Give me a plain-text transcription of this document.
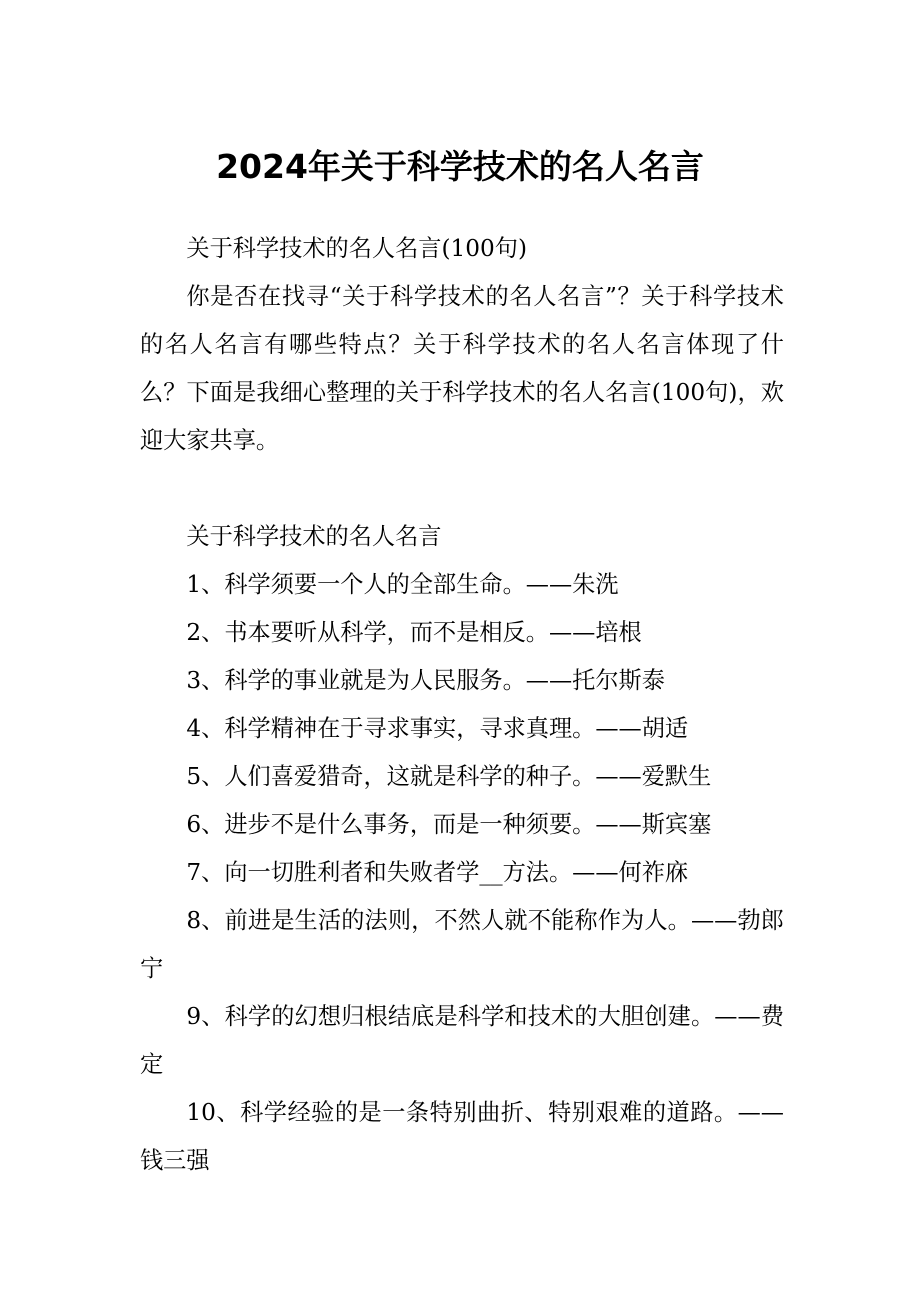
2024年关于科学技术的名人名言

关于科学技术的名人名言(100句)

你是否在找寻“关于科学技术的名人名言”？关于科学技术的名人名言有哪些特点？关于科学技术的名人名言体现了什么？下面是我细心整理的关于科学技术的名人名言(100句)，欢迎大家共享。

关于科学技术的名人名言

1、科学须要一个人的全部生命。——朱洗

2、书本要听从科学，而不是相反。——培根

3、科学的事业就是为人民服务。——托尔斯泰

4、科学精神在于寻求事实，寻求真理。——胡适

5、人们喜爱猎奇，这就是科学的种子。——爱默生

6、进步不是什么事务，而是一种须要。——斯宾塞

7、向一切胜利者和失败者学__方法。——何祚庥

8、前进是生活的法则，不然人就不能称作为人。——勃郎宁

9、科学的幻想归根结底是科学和技术的大胆创建。——费定

10、科学经验的是一条特别曲折、特别艰难的道路。——钱三强
